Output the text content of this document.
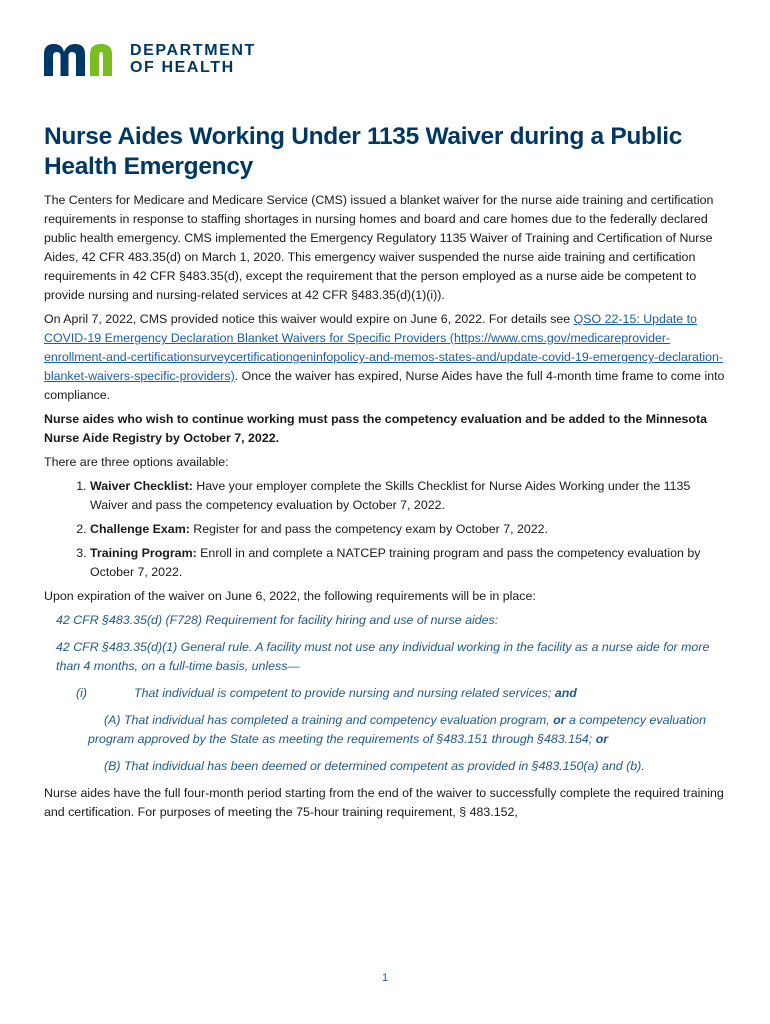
DEPARTMENT
OF HEALTH
Nurse Aides Working Under 1135 Waiver during a Public Health Emergency

The Centers for Medicare and Medicare Service (CMS) issued a blanket waiver for the nurse aide training and certification requirements in response to staffing shortages in nursing homes and board and care homes due to the federally declared public health emergency. CMS implemented the Emergency Regulatory 1135 Waiver of Training and Certification of Nurse Aides, 42 CFR 483.35(d) on March 1, 2020. This emergency waiver suspended the nurse aide training and certification requirements in 42 CFR §483.35(d), except the requirement that the person employed as a nurse aide be competent to provide nursing and nursing-related services at 42 CFR §483.35(d)(1)(i)).

On April 7, 2022, CMS provided notice this waiver would expire on June 6, 2022. For details see QSO 22-15: Update to COVID-19 Emergency Declaration Blanket Waivers for Specific Providers (https://www.cms.gov/medicareprovider-enrollment-and-certificationsurveycertificationgeninfopolicy-and-memos-states-and/update-covid-19-emergency-declaration-blanket-waivers-specific-providers). Once the waiver has expired, Nurse Aides have the full 4-month time frame to come into compliance.

Nurse aides who wish to continue working must pass the competency evaluation and be added to the Minnesota Nurse Aide Registry by October 7, 2022.

There are three options available:

1. Waiver Checklist: Have your employer complete the Skills Checklist for Nurse Aides Working under the 1135 Waiver and pass the competency evaluation by October 7, 2022.
2. Challenge Exam: Register for and pass the competency exam by October 7, 2022.
3. Training Program: Enroll in and complete a NATCEP training program and pass the competency evaluation by October 7, 2022.

Upon expiration of the waiver on June 6, 2022, the following requirements will be in place:

42 CFR §483.35(d) (F728) Requirement for facility hiring and use of nurse aides:

42 CFR §483.35(d)(1) General rule. A facility must not use any individual working in the facility as a nurse aide for more than 4 months, on a full-time basis, unless—

(i)	That individual is competent to provide nursing and nursing related services; and

(A) That individual has completed a training and competency evaluation program, or a competency evaluation program approved by the State as meeting the requirements of §483.151 through §483.154; or

(B) That individual has been deemed or determined competent as provided in §483.150(a) and (b).

Nurse aides have the full four-month period starting from the end of the waiver to successfully complete the required training and certification. For purposes of meeting the 75-hour training requirement, § 483.152,

1
